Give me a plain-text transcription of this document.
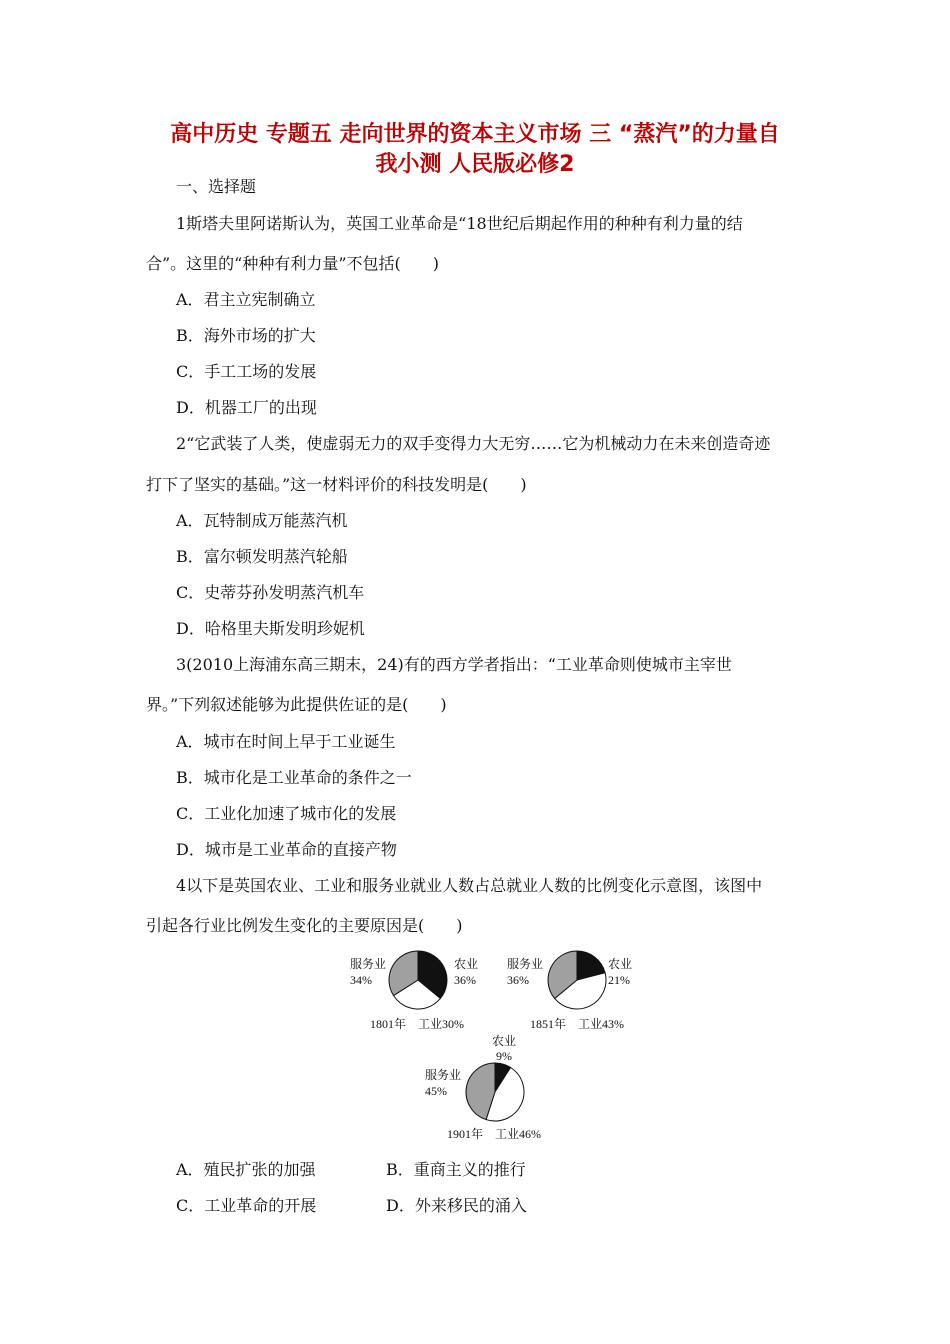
高中历史 专题五 走向世界的资本主义市场 三 “蒸汽”的力量自
我小测 人民版必修2
一、选择题
1斯塔夫里阿诺斯认为，英国工业革命是“18世纪后期起作用的种种有利力量的结
合”。这里的“种种有利力量”不包括(　　)
A．君主立宪制确立
B．海外市场的扩大
C．手工工场的发展
D．机器工厂的出现
2“它武装了人类，使虚弱无力的双手变得力大无穷……它为机械动力在未来创造奇迹
打下了坚实的基础。”这一材料评价的科技发明是(　　)
A．瓦特制成万能蒸汽机
B．富尔顿发明蒸汽轮船
C．史蒂芬孙发明蒸汽机车
D．哈格里夫斯发明珍妮机
3(2010上海浦东高三期末，24)有的西方学者指出：“工业革命则使城市主宰世
界。”下列叙述能够为此提供佐证的是(　　)
A．城市在时间上早于工业诞生
B．城市化是工业革命的条件之一
C．工业化加速了城市化的发展
D．城市是工业革命的直接产物
4以下是英国农业、工业和服务业就业人数占总就业人数的比例变化示意图，该图中
引起各行业比例发生变化的主要原因是(　　)
服务业
34%
农业
36%
1801年　工业30%
服务业
36%
农业
21%
1851年　工业43%
农业
9%
服务业
45%
1901年　工业46%
A．殖民扩张的加强	B．重商主义的推行
C．工业革命的开展	D．外来移民的涌入
